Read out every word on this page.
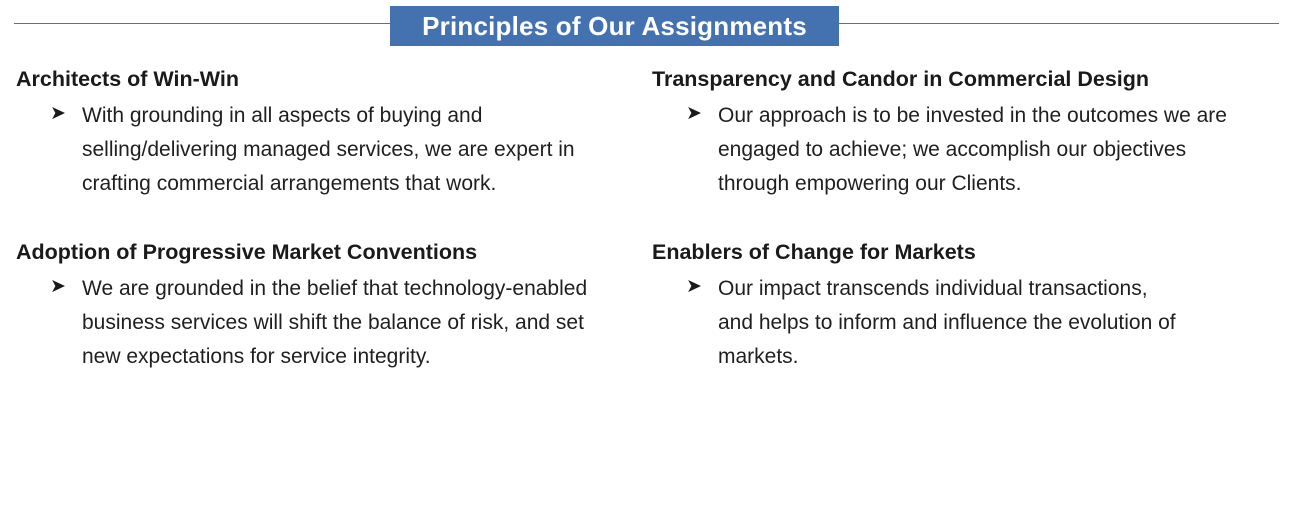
Principles of Our Assignments
Architects of Win-Win
➤ With grounding in all aspects of buying and selling/delivering managed services, we are expert in crafting commercial arrangements that work.
Adoption of Progressive Market Conventions
➤ We are grounded in the belief that technology-enabled business services will shift the balance of risk, and set new expectations for service integrity.
Transparency and Candor in Commercial Design
➤ Our approach is to be invested in the outcomes we are engaged to achieve; we accomplish our objectives through empowering our Clients.
Enablers of Change for Markets
➤ Our impact transcends individual transactions, and helps to inform and influence the evolution of markets.
